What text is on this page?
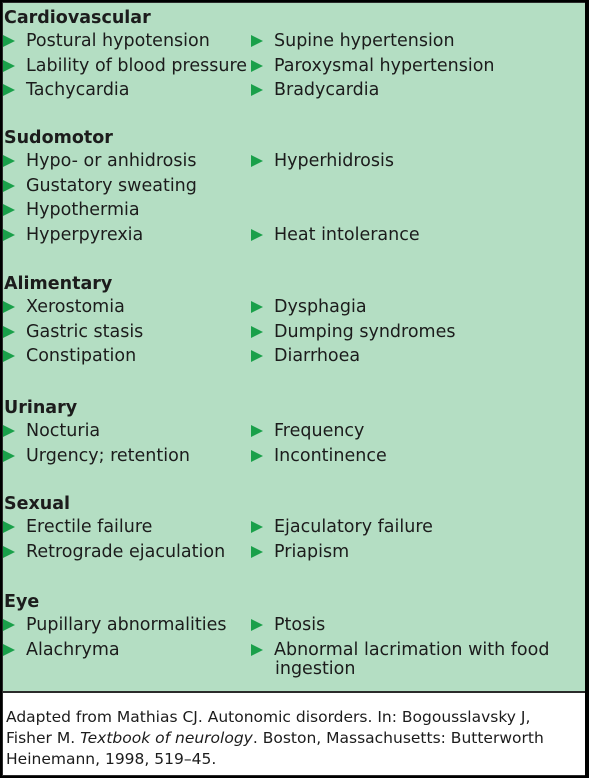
Cardiovascular
Postural hypotension	Supine hypertension
Lability of blood pressure	Paroxysmal hypertension
Tachycardia	Bradycardia
Sudomotor
Hypo- or anhidrosis	Hyperhidrosis
Gustatory sweating
Hypothermia
Hyperpyrexia	Heat intolerance
Alimentary
Xerostomia	Dysphagia
Gastric stasis	Dumping syndromes
Constipation	Diarrhoea
Urinary
Nocturia	Frequency
Urgency; retention	Incontinence
Sexual
Erectile failure	Ejaculatory failure
Retrograde ejaculation	Priapism
Eye
Pupillary abnormalities	Ptosis
Alachryma	Abnormal lacrimation with food
ingestion
Adapted from Mathias CJ. Autonomic disorders. In: Bogousslavsky J, Fisher M. Textbook of neurology. Boston, Massachusetts: Butterworth Heinemann, 1998, 519–45.
